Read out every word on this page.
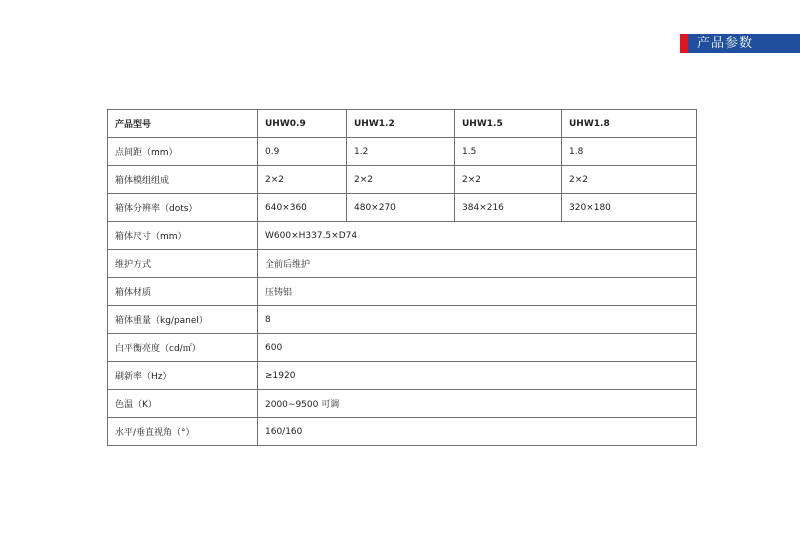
产品参数
产品型号	UHW0.9	UHW1.2	UHW1.5	UHW1.8
点间距（mm）	0.9	1.2	1.5	1.8
箱体模组组成	2×2	2×2	2×2	2×2
箱体分辨率（dots）	640×360	480×270	384×216	320×180
箱体尺寸（mm）	W600×H337.5×D74			
维护方式	全前后维护			
箱体材质	压铸铝			
箱体重量（kg/panel）	8			
白平衡亮度（cd/㎡）	600			
刷新率（Hz）	≥1920			
色温（K）	2000~9500 可调			
水平/垂直视角（°）	160/160			
